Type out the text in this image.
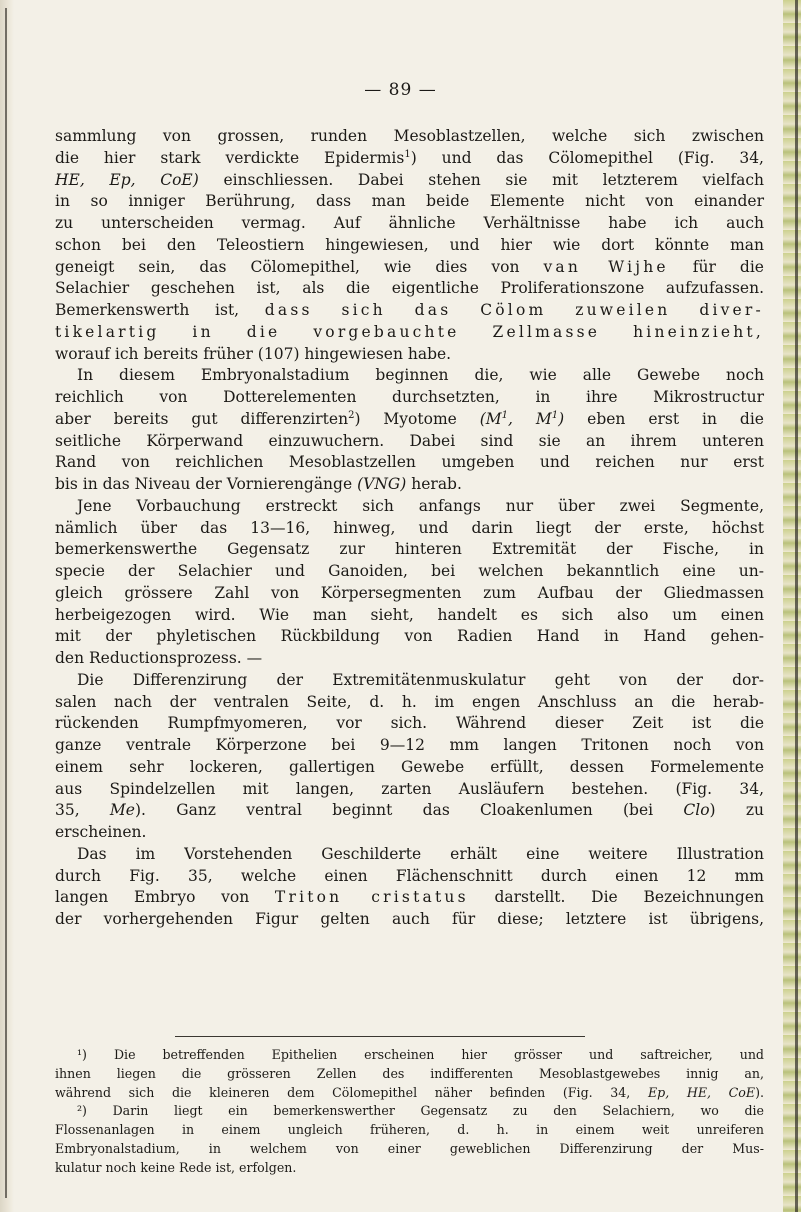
— 89 —
sammlung von grossen, runden Mesoblastzellen, welche sich zwischen
die hier stark verdickte Epidermis$^1$) und das Cölomepithel (Fig. 34,
HE, Ep, CoE) einschliessen. Dabei stehen sie mit letzterem vielfach
in so inniger Berührung, dass man beide Elemente nicht von einander
zu unterscheiden vermag. Auf ähnliche Verhältnisse habe ich auch
schon bei den Teleostiern hingewiesen, und hier wie dort könnte man
geneigt sein, das Cölomepithel, wie dies von van Wijhe für die
Selachier geschehen ist, als die eigentliche Proliferationszone aufzufassen.
Bemerkenswerth ist, dass sich das Cölom zuweilen diver-
tikelartig in die vorgebauchte Zellmasse hineinzieht,
worauf ich bereits früher (107) hingewiesen habe.
In diesem Embryonalstadium beginnen die, wie alle Gewebe noch
reichlich von Dotterelementen durchsetzten, in ihre Mikrostructur
aber bereits gut differenzirten$^2$) Myotome ($M^1$, $M^1$) eben erst in die
seitliche Körperwand einzuwuchern. Dabei sind sie an ihrem unteren
Rand von reichlichen Mesoblastzellen umgeben und reichen nur erst
bis in das Niveau der Vornierengänge (VNG) herab.
Jene Vorbauchung erstreckt sich anfangs nur über zwei Segmente,
nämlich über das 13—16, hinweg, und darin liegt der erste, höchst
bemerkenswerthe Gegensatz zur hinteren Extremität der Fische, in
specie der Selachier und Ganoiden, bei welchen bekanntlich eine un-
gleich grössere Zahl von Körpersegmenten zum Aufbau der Gliedmassen
herbeigezogen wird. Wie man sieht, handelt es sich also um einen
mit der phyletischen Rückbildung von Radien Hand in Hand gehen-
den Reductionsprozess. —
Die Differenzirung der Extremitätenmuskulatur geht von der dor-
salen nach der ventralen Seite, d. h. im engen Anschluss an die herab-
rückenden Rumpfmyomeren, vor sich. Während dieser Zeit ist die
ganze ventrale Körperzone bei 9—12 mm langen Tritonen noch von
einem sehr lockeren, gallertigen Gewebe erfüllt, dessen Formelemente
aus Spindelzellen mit langen, zarten Ausläufern bestehen. (Fig. 34,
35, Me). Ganz ventral beginnt das Cloakenlumen (bei Clo) zu
erscheinen.
Das im Vorstehenden Geschilderte erhält eine weitere Illustration
durch Fig. 35, welche einen Flächenschnitt durch einen 12 mm
langen Embryo von Triton cristatus darstellt. Die Bezeichnungen
der vorhergehenden Figur gelten auch für diese; letztere ist übrigens,
¹) Die betreffenden Epithelien erscheinen hier grösser und saftreicher, und
ihnen liegen die grösseren Zellen des indifferenten Mesoblastgewebes innig an,
während sich die kleineren dem Cölomepithel näher befinden (Fig. 34, Ep, HE, CoE).
²) Darin liegt ein bemerkenswerther Gegensatz zu den Selachiern, wo die
Flossenanlagen in einem ungleich früheren, d. h. in einem weit unreiferen
Embryonalstadium, in welchem von einer geweblichen Differenzirung der Mus-
kulatur noch keine Rede ist, erfolgen.
